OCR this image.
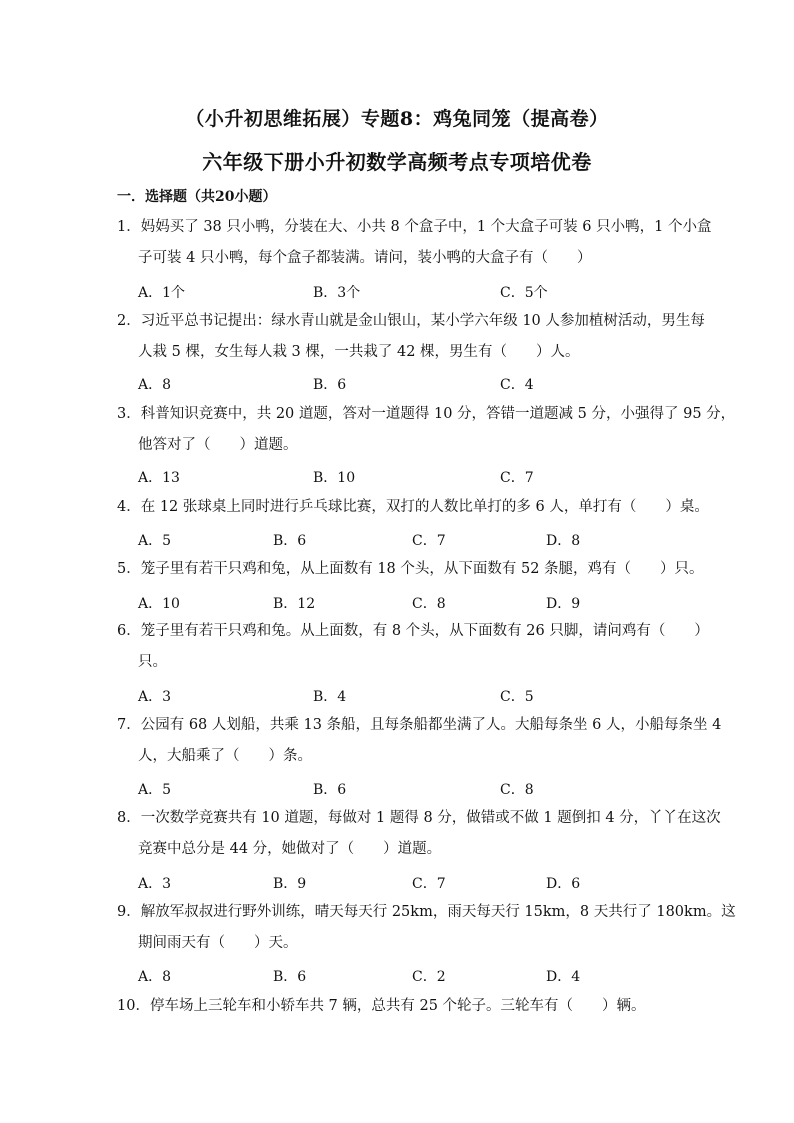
（小升初思维拓展）专题8：鸡兔同笼（提高卷）
六年级下册小升初数学高频考点专项培优卷
一．选择题（共20小题）
1．妈妈买了 38 只小鸭，分装在大、小共 8 个盒子中，1 个大盒子可装 6 只小鸭，1 个小盒
子可装 4 只小鸭，每个盒子都装满。请问，装小鸭的大盒子有（　　）
A．1个	B．3个	C．5个
2．习近平总书记提出：绿水青山就是金山银山，某小学六年级 10 人参加植树活动，男生每
人栽 5 棵，女生每人栽 3 棵，一共栽了 42 棵，男生有（　　）人。
A．8	B．6	C．4
3．科普知识竞赛中，共 20 道题，答对一道题得 10 分，答错一道题减 5 分，小强得了 95 分，
他答对了（　　）道题。
A．13	B．10	C．7
4．在 12 张球桌上同时进行乒乓球比赛，双打的人数比单打的多 6 人，单打有（　　）桌。
A．5	B．6	C．7	D．8
5．笼子里有若干只鸡和兔，从上面数有 18 个头，从下面数有 52 条腿，鸡有（　　）只。
A．10	B．12	C．8	D．9
6．笼子里有若干只鸡和兔。从上面数，有 8 个头，从下面数有 26 只脚，请问鸡有（　　）
只。
A．3	B．4	C．5
7．公园有 68 人划船，共乘 13 条船，且每条船都坐满了人。大船每条坐 6 人，小船每条坐 4
人，大船乘了（　　）条。
A．5	B．6	C．8
8．一次数学竞赛共有 10 道题，每做对 1 题得 8 分，做错或不做 1 题倒扣 4 分，丫丫在这次
竞赛中总分是 44 分，她做对了（　　）道题。
A．3	B．9	C．7	D．6
9．解放军叔叔进行野外训练，晴天每天行 25km，雨天每天行 15km，8 天共行了 180km。这
期间雨天有（　　）天。
A．8	B．6	C．2	D．4
10．停车场上三轮车和小轿车共 7 辆，总共有 25 个轮子。三轮车有（　　）辆。
